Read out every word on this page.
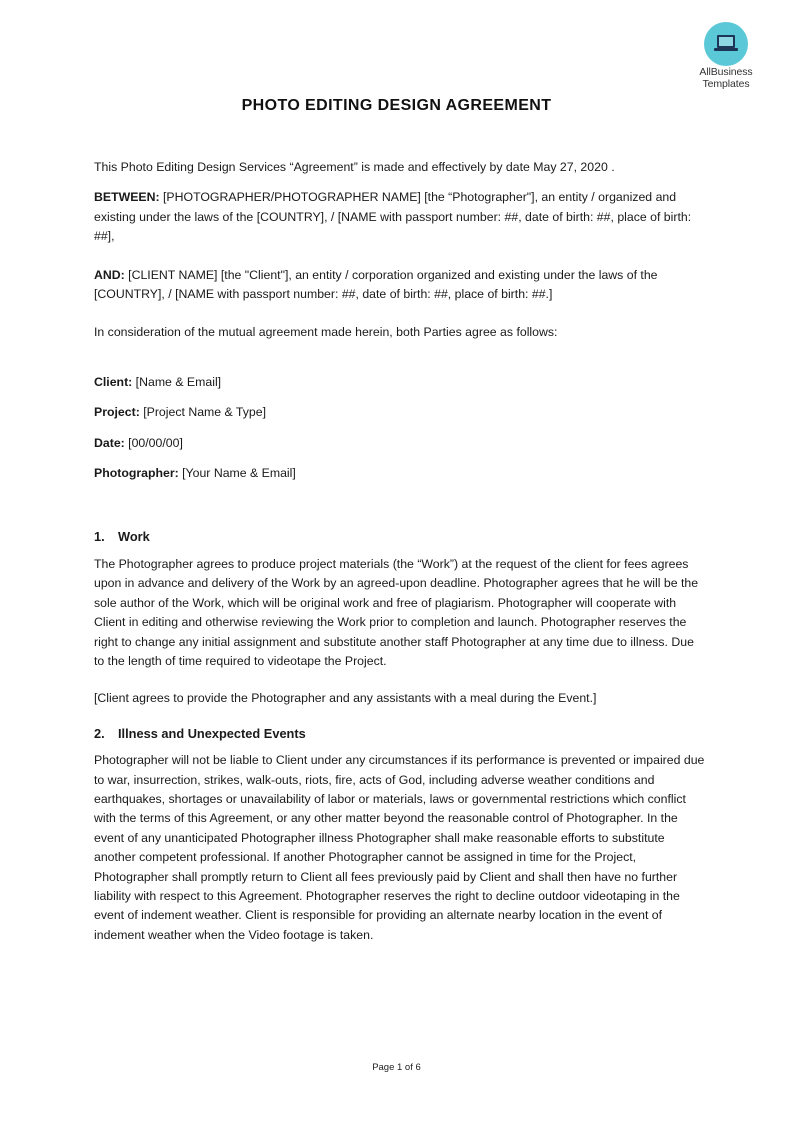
AllBusiness
Templates
PHOTO EDITING DESIGN AGREEMENT

This Photo Editing Design Services “Agreement” is made and effectively by date May 27, 2020 .

BETWEEN: [PHOTOGRAPHER/PHOTOGRAPHER NAME] [the “Photographer"], an entity / organized and existing under the laws of the [COUNTRY], / [NAME with passport number: ##, date of birth: ##, place of birth: ##],

AND: [CLIENT NAME] [the "Client"], an entity / corporation organized and existing under the laws of the [COUNTRY], / [NAME with passport number: ##, date of birth: ##, place of birth: ##.]

In consideration of the mutual agreement made herein, both Parties agree as follows:

Client: [Name & Email]

Project: [Project Name & Type]

Date: [00/00/00]

Photographer: [Your Name & Email]

1. Work

The Photographer agrees to produce project materials (the “Work”) at the request of the client for fees agrees upon in advance and delivery of the Work by an agreed-upon deadline. Photographer agrees that he will be the sole author of the Work, which will be original work and free of plagiarism. Photographer will cooperate with Client in editing and otherwise reviewing the Work prior to completion and launch. Photographer reserves the right to change any initial assignment and substitute another staff Photographer at any time due to illness. Due to the length of time required to videotape the Project.

[Client agrees to provide the Photographer and any assistants with a meal during the Event.]

2. Illness and Unexpected Events

Photographer will not be liable to Client under any circumstances if its performance is prevented or impaired due to war, insurrection, strikes, walk-outs, riots, fire, acts of God, including adverse weather conditions and earthquakes, shortages or unavailability of labor or materials, laws or governmental restrictions which conflict with the terms of this Agreement, or any other matter beyond the reasonable control of Photographer. In the event of any unanticipated Photographer illness Photographer shall make reasonable efforts to substitute another competent professional. If another Photographer cannot be assigned in time for the Project, Photographer shall promptly return to Client all fees previously paid by Client and shall then have no further liability with respect to this Agreement. Photographer reserves the right to decline outdoor videotaping in the event of indement weather. Client is responsible for providing an alternate nearby location in the event of indement weather when the Video footage is taken.

Page 1 of 6
